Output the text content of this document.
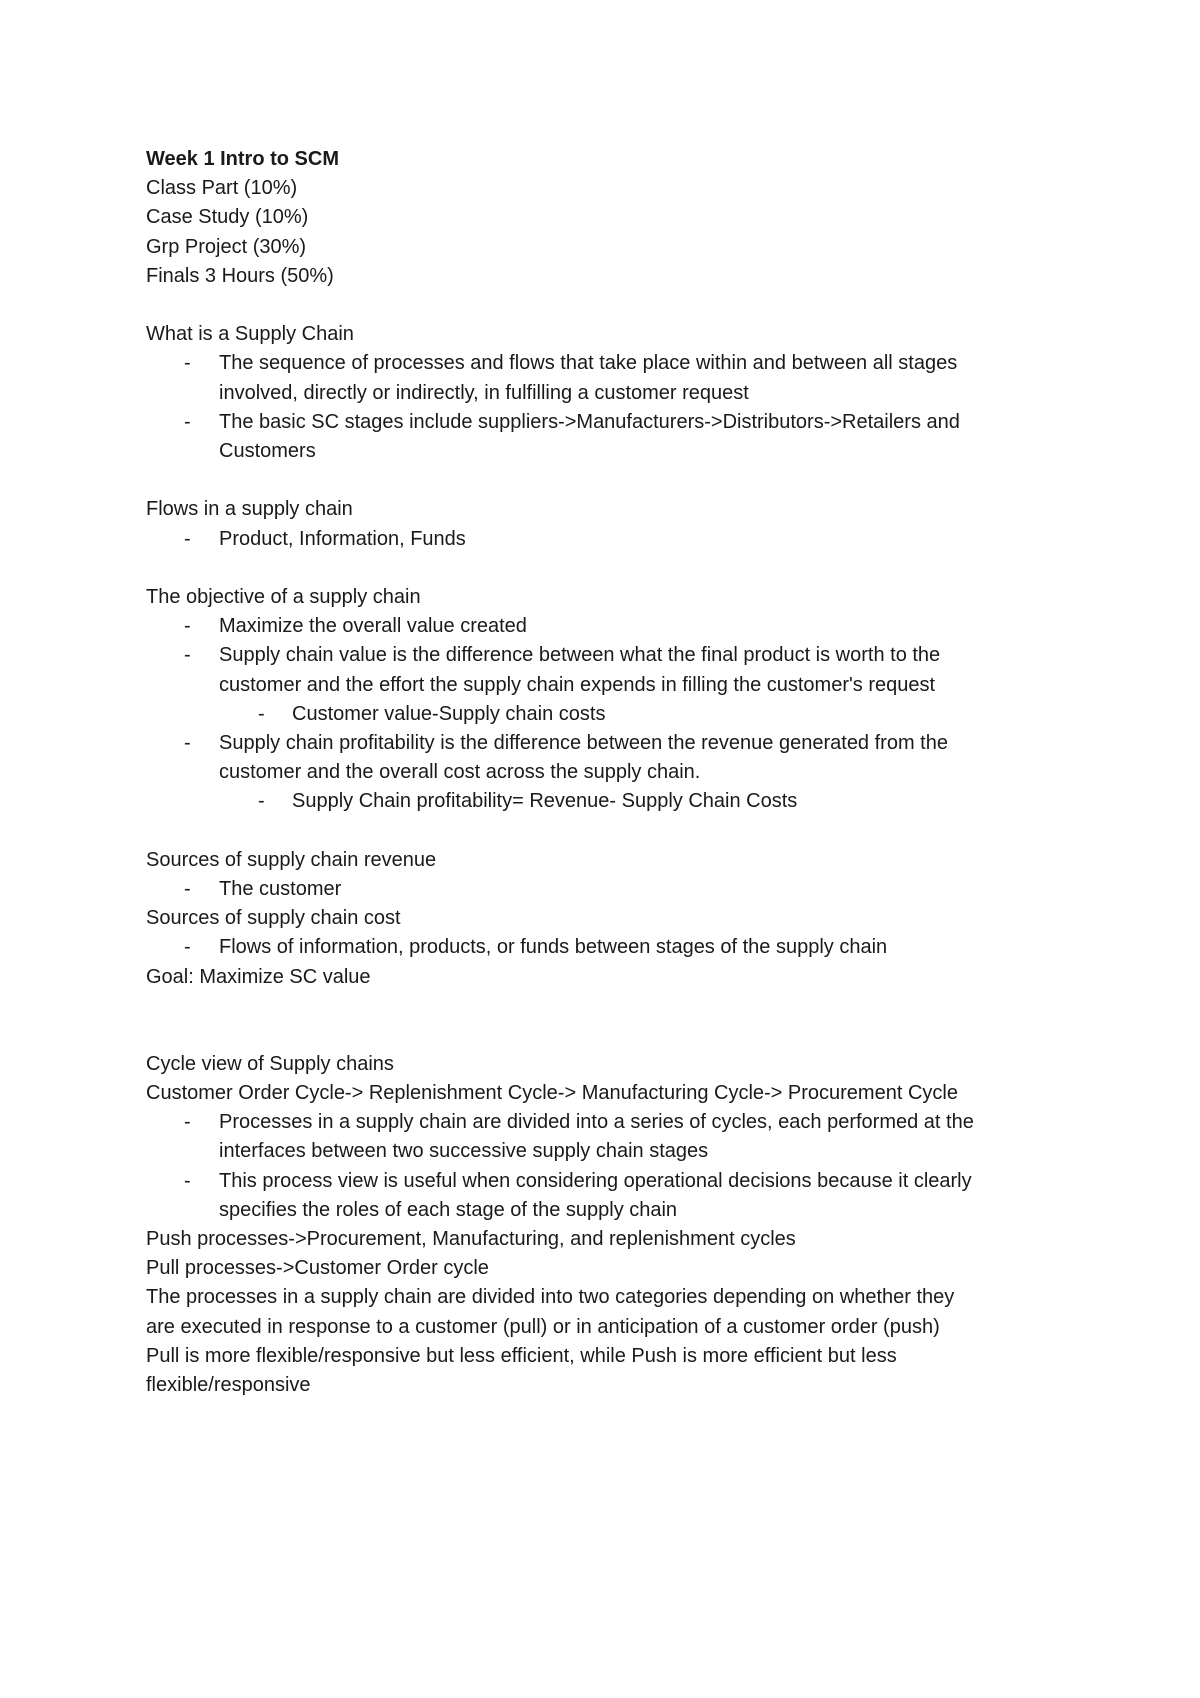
Week 1 Intro to SCM

Class Part (10%)

Case Study (10%)

Grp Project (30%)

Finals 3 Hours (50%)

What is a Supply Chain

- The sequence of processes and flows that take place within and between all stages
involved, directly or indirectly, in fulfilling a customer request
- The basic SC stages include suppliers->Manufacturers->Distributors->Retailers and
Customers

Flows in a supply chain

- Product, Information, Funds

The objective of a supply chain

- Maximize the overall value created
- Supply chain value is the difference between what the final product is worth to the
customer and the effort the supply chain expends in filling the customer's request
- Customer value-Supply chain costs
- Supply chain profitability is the difference between the revenue generated from the
customer and the overall cost across the supply chain.
- Supply Chain profitability= Revenue- Supply Chain Costs

Sources of supply chain revenue

- The customer

Sources of supply chain cost

- Flows of information, products, or funds between stages of the supply chain

Goal: Maximize SC value

Cycle view of Supply chains

Customer Order Cycle-> Replenishment Cycle-> Manufacturing Cycle-> Procurement Cycle

- Processes in a supply chain are divided into a series of cycles, each performed at the
interfaces between two successive supply chain stages
- This process view is useful when considering operational decisions because it clearly
specifies the roles of each stage of the supply chain

Push processes->Procurement, Manufacturing, and replenishment cycles

Pull processes->Customer Order cycle

The processes in a supply chain are divided into two categories depending on whether they

are executed in response to a customer (pull) or in anticipation of a customer order (push)

Pull is more flexible/responsive but less efficient, while Push is more efficient but less

flexible/responsive
